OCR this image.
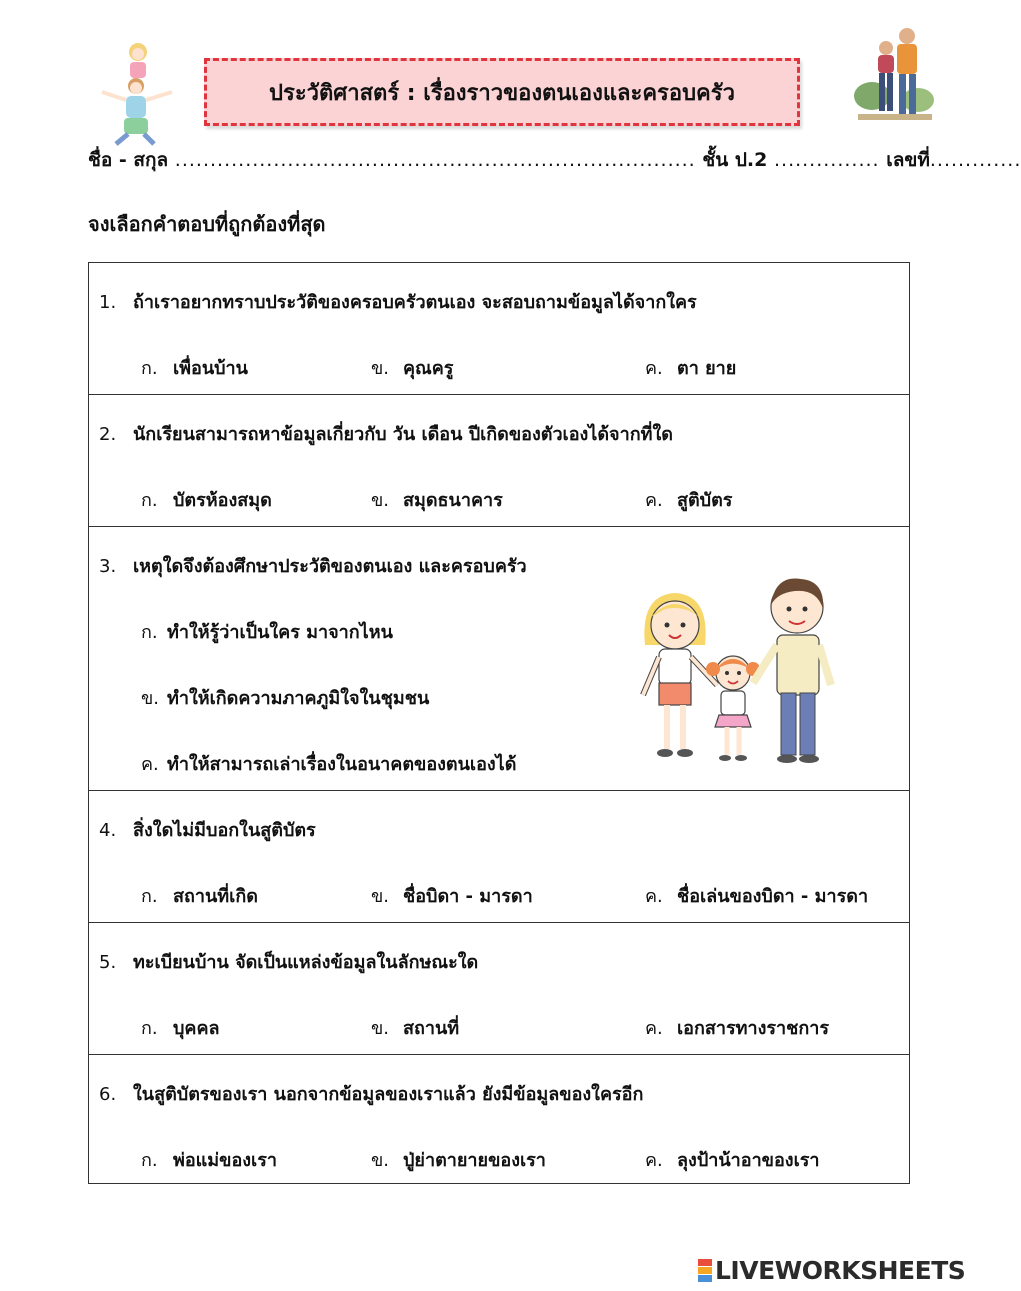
ประวัติศาสตร์ : เรื่องราวของตนเองและครอบครัว
ชื่อ - สกุล .......................................................................... ชั้น ป.2 ............... เลขที่.............
จงเลือกคำตอบที่ถูกต้องที่สุด
1. ถ้าเราอยากทราบประวัติของครอบครัวตนเอง จะสอบถามข้อมูลได้จากใคร
ก. เพื่อนบ้าน	ข. คุณครู	ค. ตา ยาย
2. นักเรียนสามารถหาข้อมูลเกี่ยวกับ วัน เดือน ปีเกิดของตัวเองได้จากที่ใด
ก. บัตรห้องสมุด	ข. สมุดธนาคาร	ค. สูติบัตร
3. เหตุใดจึงต้องศึกษาประวัติของตนเอง และครอบครัว
ก. ทำให้รู้ว่าเป็นใคร มาจากไหน
ข. ทำให้เกิดความภาคภูมิใจในชุมชน
ค. ทำให้สามารถเล่าเรื่องในอนาคตของตนเองได้
4. สิ่งใดไม่มีบอกในสูติบัตร
ก. สถานที่เกิด	ข. ชื่อบิดา - มารดา	ค. ชื่อเล่นของบิดา - มารดา
5. ทะเบียนบ้าน จัดเป็นแหล่งข้อมูลในลักษณะใด
ก. บุคคล	ข. สถานที่	ค. เอกสารทางราชการ
6. ในสูติบัตรของเรา นอกจากข้อมูลของเราแล้ว ยังมีข้อมูลของใครอีก
ก. พ่อแม่ของเรา	ข. ปู่ย่าตายายของเรา	ค. ลุงป้าน้าอาของเรา
LIVEWORKSHEETS
